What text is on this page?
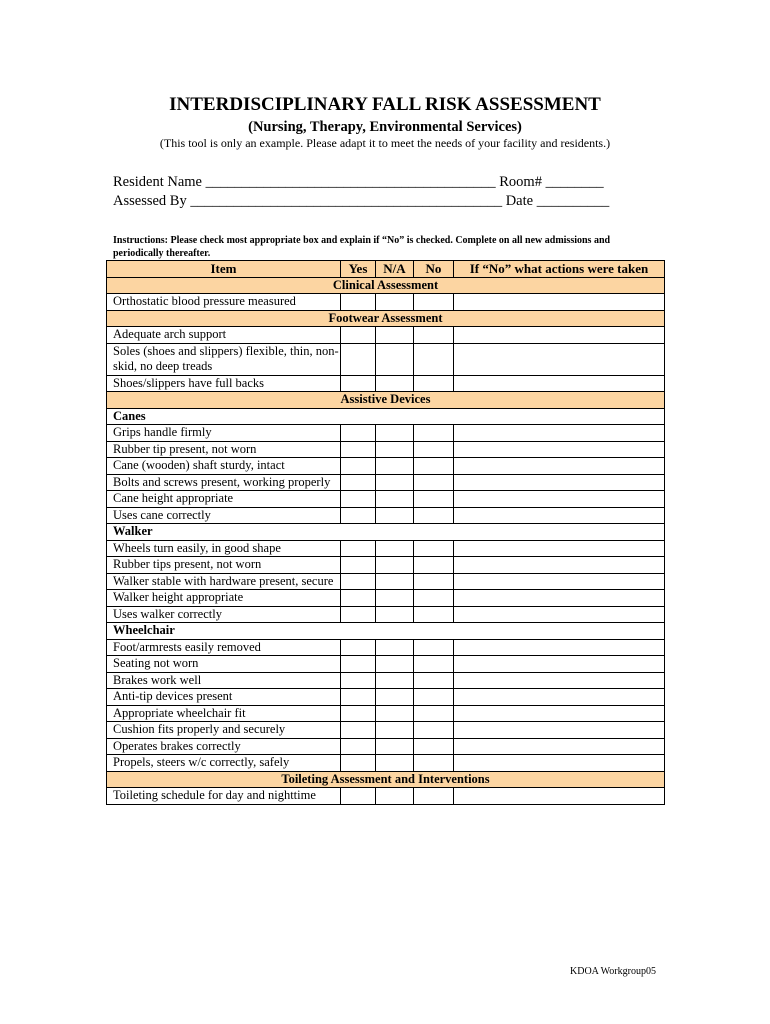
INTERDISCIPLINARY FALL RISK ASSESSMENT
(Nursing, Therapy, Environmental Services)
(This tool is only an example. Please adapt it to meet the needs of your facility and residents.)
Resident Name ________________________________________ Room# ________
Assessed By ___________________________________________ Date __________
Instructions: Please check most appropriate box and explain if “No” is checked. Complete on all new admissions and periodically thereafter.
Item	Yes	N/A	No	If “No” what actions were taken
Clinical Assessment				
Orthostatic blood pressure measured				
Footwear Assessment				
Adequate arch support				
Soles (shoes and slippers) flexible, thin, non-skid, no deep treads				
Shoes/slippers have full backs				
Assistive Devices				
Canes				
Grips handle firmly				
Rubber tip present, not worn				
Cane (wooden) shaft sturdy, intact				
Bolts and screws present, working properly				
Cane height appropriate				
Uses cane correctly				
Walker				
Wheels turn easily, in good shape				
Rubber tips present, not worn				
Walker stable with hardware present, secure				
Walker height appropriate				
Uses walker correctly				
Wheelchair				
Foot/armrests easily removed				
Seating not worn				
Brakes work well				
Anti-tip devices present				
Appropriate wheelchair fit				
Cushion fits properly and securely				
Operates brakes correctly				
Propels, steers w/c correctly, safely				
Toileting Assessment and Interventions				
Toileting schedule for day and nighttime				
KDOA Workgroup05
